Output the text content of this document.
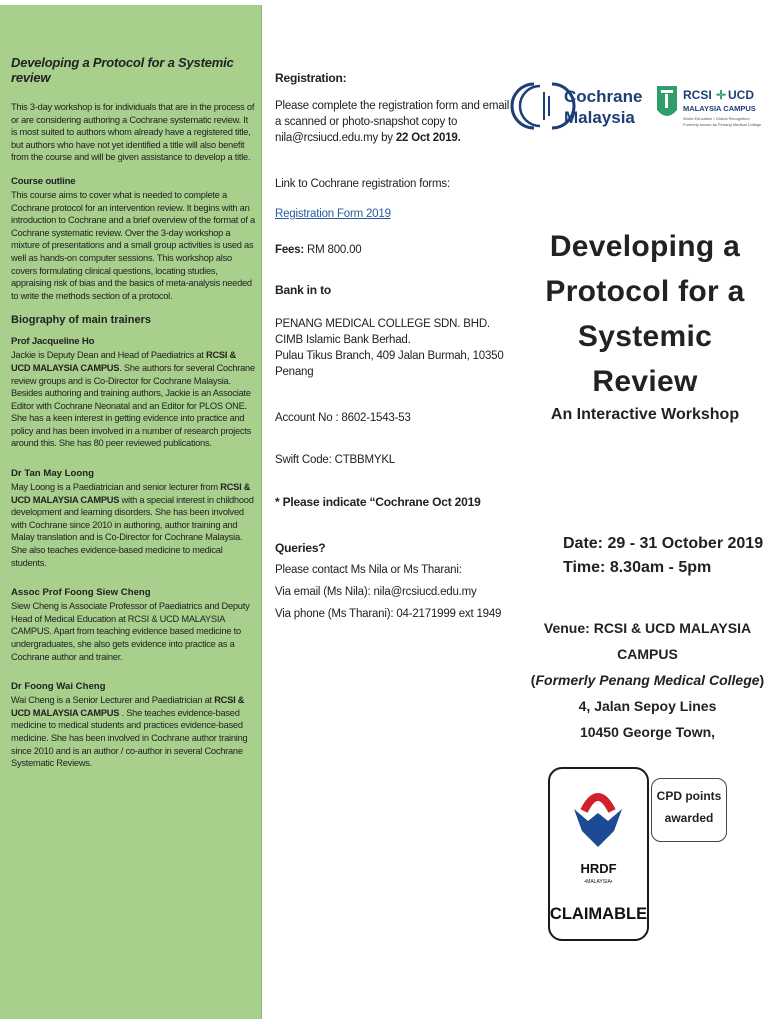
Developing a Protocol for a Systemic review

This 3-day workshop is for individuals that are in the process of or are considering authoring a Cochrane systematic review. It is most suited to authors whom already have a registered title, but authors who have not yet identified a title will also benefit from the course and will be given assistance to develop a title.

Course outline

This course aims to cover what is needed to complete a Cochrane protocol for an intervention review. It begins with an introduction to Cochrane and a brief overview of the format of a Cochrane systematic review. Over the 3-day workshop a mixture of presentations and a small group activities is used as well as hands-on computer sessions. This workshop also covers formulating clinical questions, locating studies, appraising risk of bias and the basics of meta-analysis needed to write the methods section of a protocol.

Biography of main trainers
Prof Jacqueline Ho

Jackie is Deputy Dean and Head of Paediatrics at RCSI & UCD MALAYSIA CAMPUS. She authors for several Cochrane review groups and is Co-Director for Cochrane Malaysia. Besides authoring and training authors, Jackie is an Associate Editor with Cochrane Neonatal and an Editor for PLOS ONE. She has a keen interest in getting evidence into practice and policy and has been involved in a number of research projects around this. She has 80 peer reviewed publications.

Dr Tan May Loong

May Loong is a Paediatrician and senior lecturer from RCSI & UCD MALAYSIA CAMPUS with a special interest in childhood development and learning disorders. She has been involved with Cochrane since 2010 in authoring, author training and Malay translation and is Co-Director for Cochrane Malaysia. She also teaches evidence-based medicine to medical students.

Assoc Prof Foong Siew Cheng

Siew Cheng is Associate Professor of Paediatrics and Deputy Head of Medical Education at RCSI & UCD MALAYSIA CAMPUS. Apart from teaching evidence based medicine to undergraduates, she also gets evidence into practice as a Cochrane author and trainer.

Dr Foong Wai Cheng

Wai Cheng is a Senior Lecturer and Paediatrician at RCSI & UCD MALAYSIA CAMPUS . She teaches evidence-based medicine to medical students and practices evidence-based medicine. She has been involved in Cochrane author training since 2010 and is an author / co-author in several Cochrane Systematic Reviews.

Registration:

Please complete the registration form and email a scanned or photo-snapshot copy to nila@rcsiucd.edu.my by 22 Oct 2019.

Link to Cochrane registration forms:

Registration Form 2019

Fees: RM 800.00

Bank in to

PENANG MEDICAL COLLEGE SDN. BHD.

CIMB Islamic Bank Berhad.

Pulau Tikus Branch, 409 Jalan Burmah, 10350 Penang

Account No : 8602-1543-53

Swift Code: CTBBMYKL

* Please indicate “Cochrane Oct 2019

Queries?

Please contact Ms Nila or Ms Tharani:

Via email (Ms Nila): nila@rcsiucd.edu.my

Via phone (Ms Tharani): 04-2171999 ext 1949

Cochrane
Malaysia
RCSI ✛ UCD
MALAYSIA CAMPUS
World Education • Global Recognition
Formerly known as Penang Medical College
Developing a
Protocol for a
Systemic Review
An Interactive Workshop
Date: 29 - 31 October 2019
Time: 8.30am - 5pm
Venue: RCSI & UCD MALAYSIA CAMPUS
(Formerly Penang Medical College)
4, Jalan Sepoy Lines
10450 George Town,
HRDF
•MALAYSIA•
CLAIMABLE
CPD points
awarded
